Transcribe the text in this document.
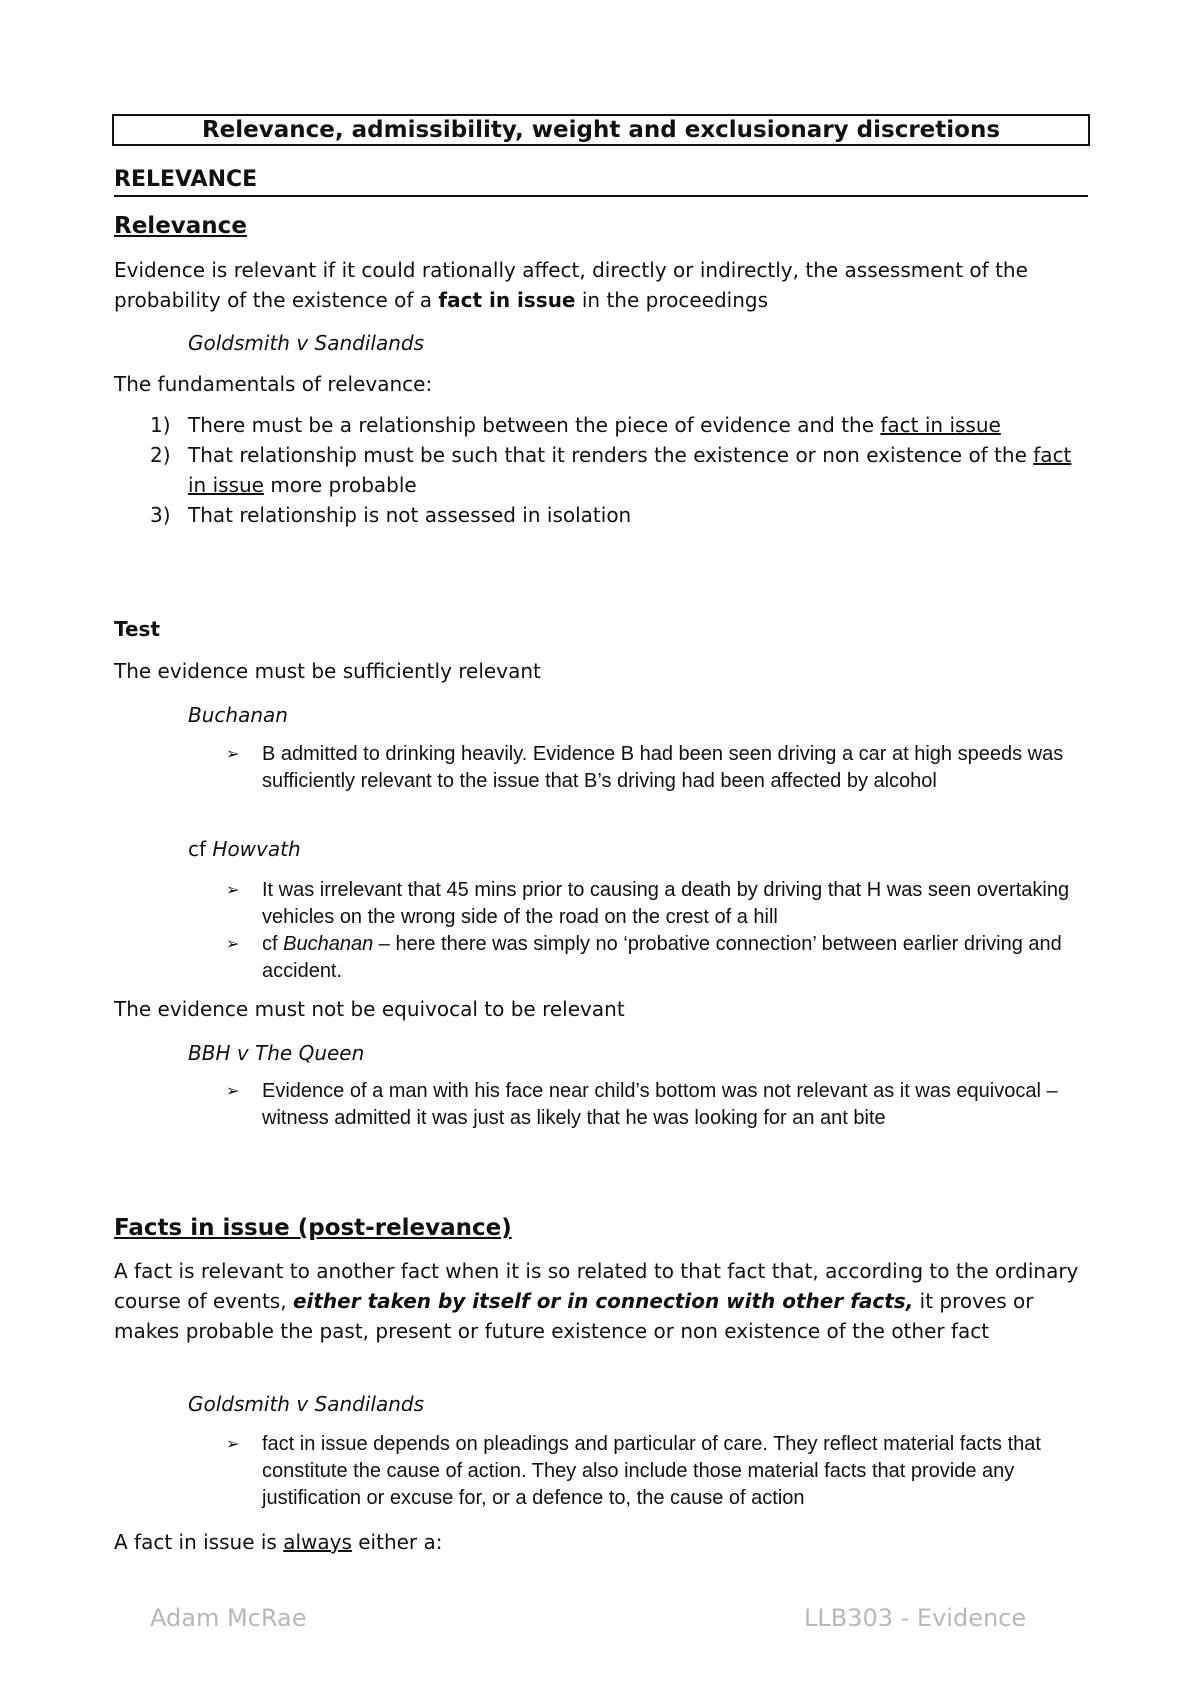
Relevance, admissibility, weight and exclusionary discretions
RELEVANCE
Relevance
Evidence is relevant if it could rationally affect, directly or indirectly, the assessment of the probability of the existence of a fact in issue in the proceedings
Goldsmith v Sandilands
The fundamentals of relevance:
1) There must be a relationship between the piece of evidence and the fact in issue
2) That relationship must be such that it renders the existence or non existence of the fact in issue more probable
3) That relationship is not assessed in isolation
Test
The evidence must be sufficiently relevant
Buchanan
➢	B admitted to drinking heavily. Evidence B had been seen driving a car at high speeds was sufficiently relevant to the issue that B’s driving had been affected by alcohol
cf Howvath
➢	It was irrelevant that 45 mins prior to causing a death by driving that H was seen overtaking vehicles on the wrong side of the road on the crest of a hill
➢	cf Buchanan – here there was simply no ‘probative connection’ between earlier driving and accident.
The evidence must not be equivocal to be relevant
BBH v The Queen
➢	Evidence of a man with his face near child’s bottom was not relevant as it was equivocal – witness admitted it was just as likely that he was looking for an ant bite
Facts in issue (post-relevance)
A fact is relevant to another fact when it is so related to that fact that, according to the ordinary course of events, either taken by itself or in connection with other facts, it proves or makes probable the past, present or future existence or non existence of the other fact
Goldsmith v Sandilands
➢	fact in issue depends on pleadings and particular of care. They reflect material facts that constitute the cause of action. They also include those material facts that provide any justification or excuse for, or a defence to, the cause of action
A fact in issue is always either a:
Adam McRae	LLB303 - Evidence
